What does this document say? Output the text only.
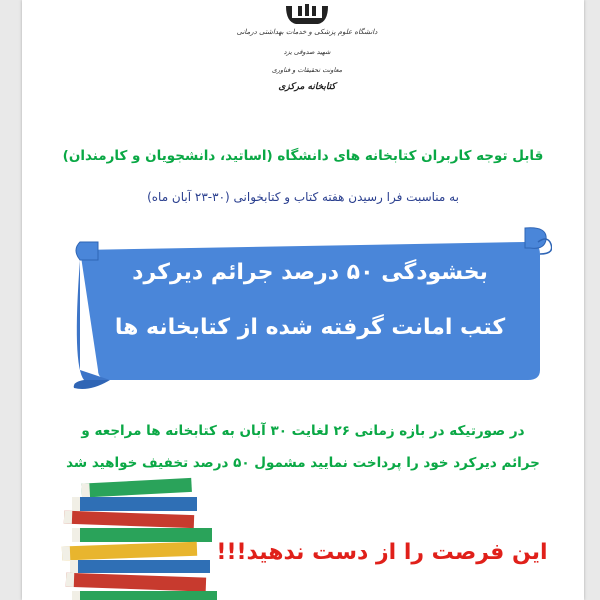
دانشگاه علوم پزشکی و خدمات بهداشتی درمانی
شهید صدوقی یزد
معاونت تحقیقات و فناوری
کتابخانه مرکزی
قابل توجه کاربران کتابخانه های دانشگاه (اساتید، دانشجویان و کارمندان)
به مناسبت فرا رسیدن هفته کتاب و کتابخوانی (۳۰-۲۳ آبان ماه)
بخشودگی ۵۰ درصد جرائم دیرکرد
کتب امانت گرفته شده از کتابخانه ها
در صورتیکه در بازه زمانی ۲۶ لغایت ۳۰ آبان به کتابخانه ها مراجعه و
جرائم دیرکرد خود را پرداخت نمایید مشمول ۵۰ درصد تخفیف خواهید شد
این فرصت را از دست ندهید!!!
